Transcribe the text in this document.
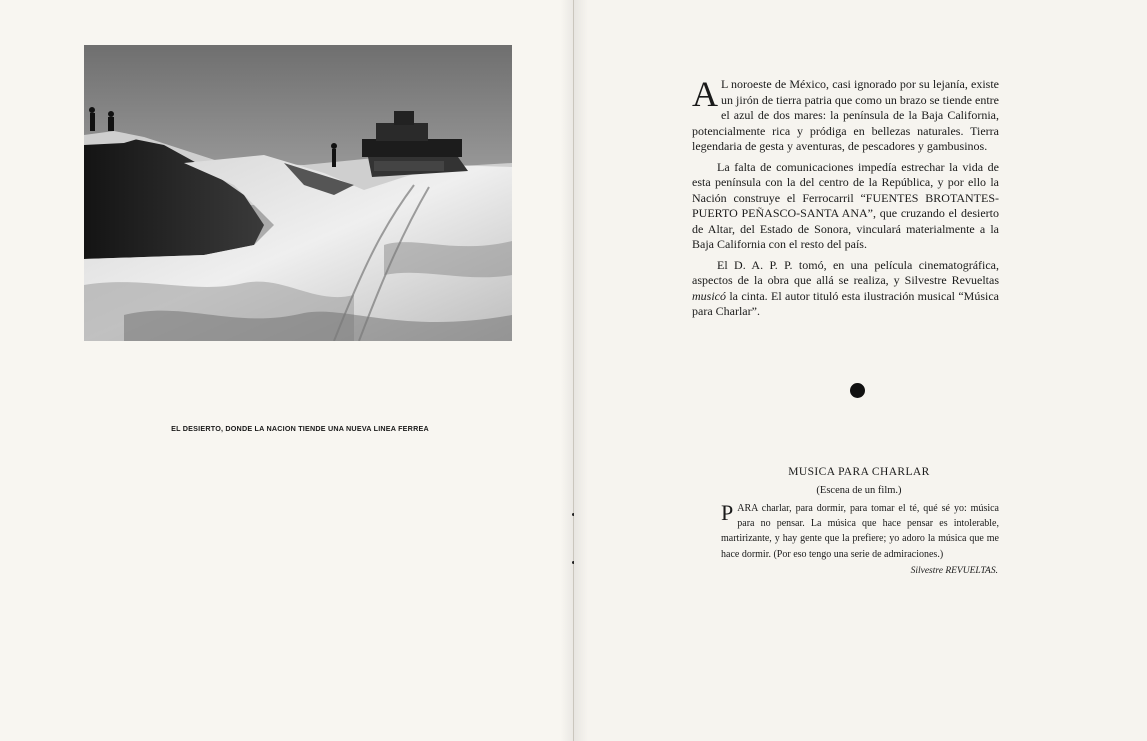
EL DESIERTO, DONDE LA NACION TIENDE UNA NUEVA LINEA FERREA

A L noroeste de México, casi ignorado por su lejanía, existe un jirón de tierra patria que como un brazo se tiende entre el azul de dos mares: la península de la Baja California, potencialmente rica y pródiga en bellezas naturales. Tierra legendaria de gesta y aventuras, de pescadores y gambusinos.

La falta de comunicaciones impedía estrechar la vida de esta península con la del centro de la República, y por ello la Nación construye el Ferrocarril “FUENTES BROTANTES-PUERTO PEÑASCO-SANTA ANA”, que cruzando el desierto de Altar, del Estado de Sonora, vinculará materialmente a la Baja California con el resto del país.

El D. A. P. P. tomó, en una película cinematográfica, aspectos de la obra que allá se realiza, y Silvestre Revueltas musicó la cinta. El autor tituló esta ilustración musical “Música para Charlar”.

MUSICA PARA CHARLAR
(Escena de un film.)
PARA charlar, para dormir, para tomar el té, qué sé yo: música para no pensar. La música que hace pensar es intolerable, martirizante, y hay gente que la prefiere; yo adoro la música que me hace dormir. (Por eso tengo una serie de admiraciones.)
Silvestre REVUELTAS.
